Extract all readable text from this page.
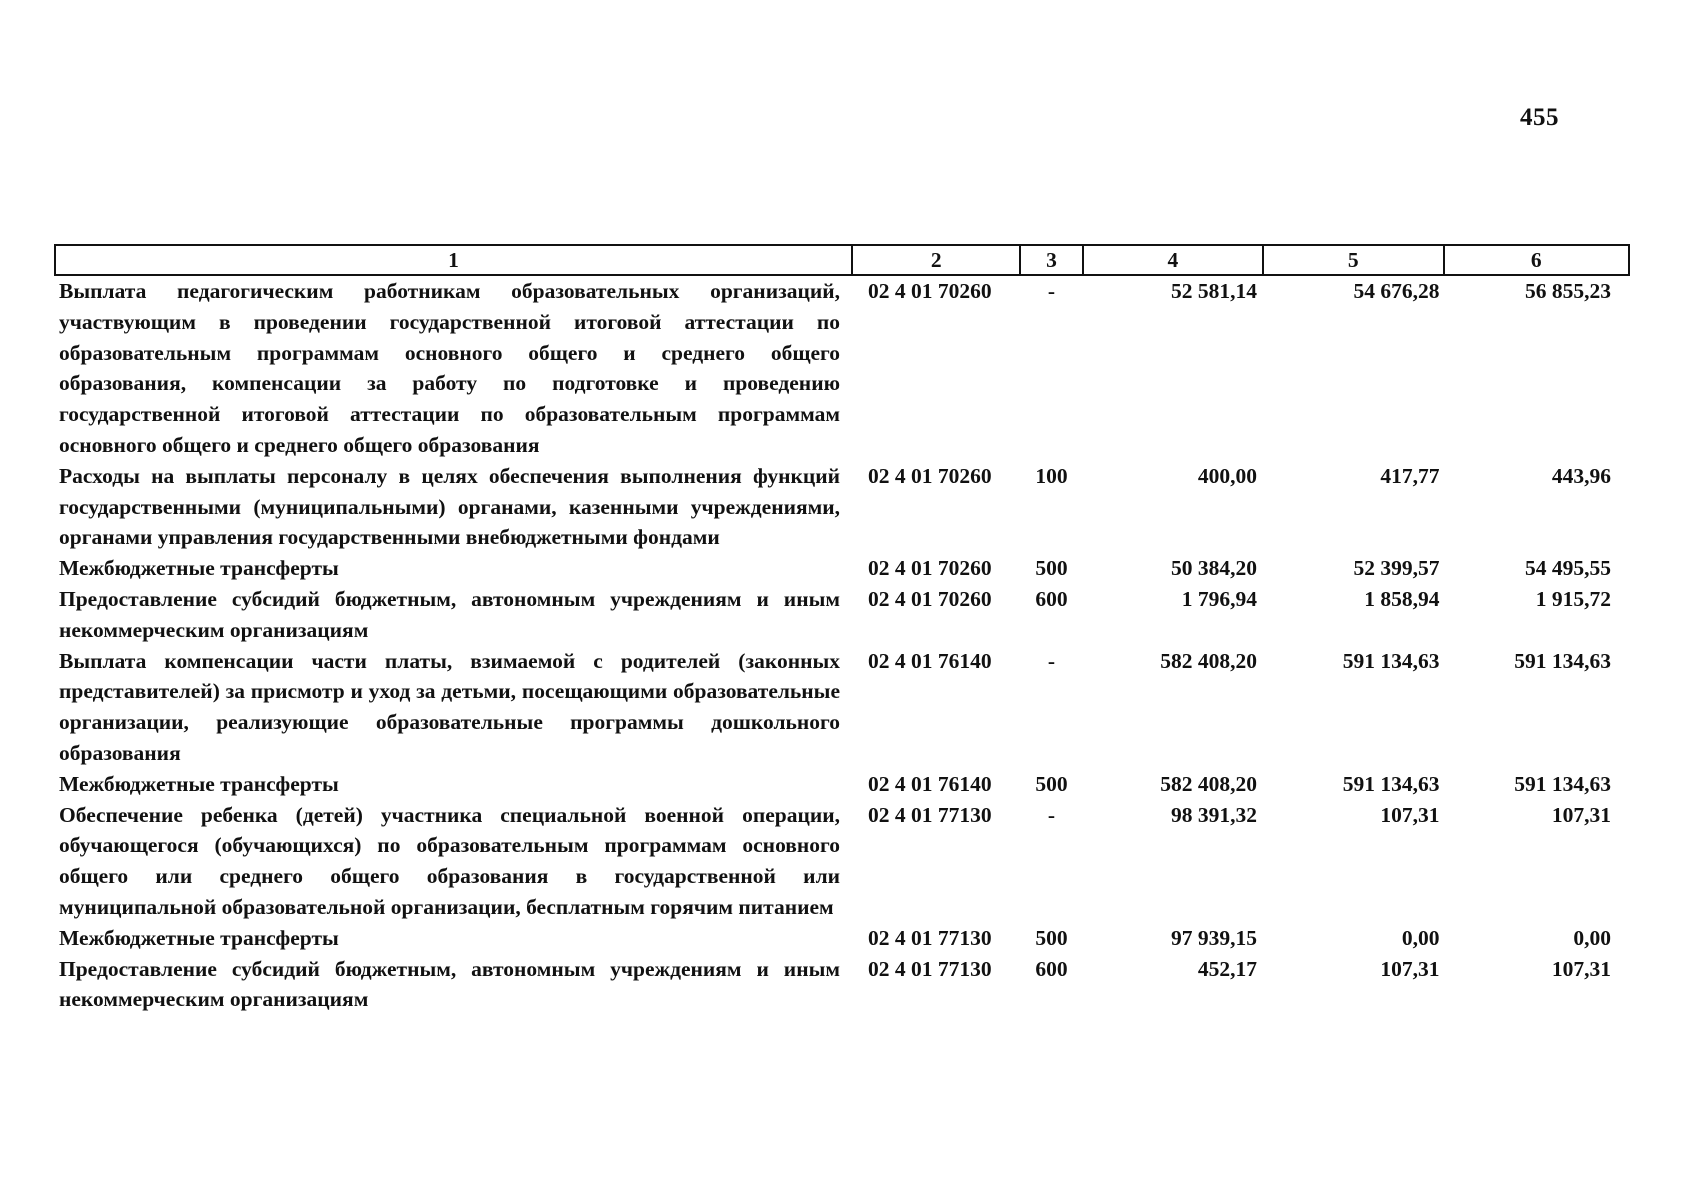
455
1	2	3	4	5	6
Выплата педагогическим работникам образовательных организаций, участвующим в проведении государственной итоговой аттестации по образовательным программам основного общего и среднего общего образования, компенсации за работу по подготовке и проведению государственной итоговой аттестации по образовательным программам основного общего и среднего общего образования	02 4 01 70260	-	52 581,14	54 676,28	56 855,23
Расходы на выплаты персоналу в целях обеспечения выполнения функций государственными (муниципальными) органами, казенными учреждениями, органами управления государственными внебюджетными фондами	02 4 01 70260	100	400,00	417,77	443,96
Межбюджетные трансферты	02 4 01 70260	500	50 384,20	52 399,57	54 495,55
Предоставление субсидий бюджетным, автономным учреждениям и иным некоммерческим организациям	02 4 01 70260	600	1 796,94	1 858,94	1 915,72
Выплата компенсации части платы, взимаемой с родителей (законных представителей) за присмотр и уход за детьми, посещающими образовательные организации, реализующие образовательные программы дошкольного образования	02 4 01 76140	-	582 408,20	591 134,63	591 134,63
Межбюджетные трансферты	02 4 01 76140	500	582 408,20	591 134,63	591 134,63
Обеспечение ребенка (детей) участника специальной военной операции, обучающегося (обучающихся) по образовательным программам основного общего или среднего общего образования в государственной или муниципальной образовательной организации, бесплатным горячим питанием	02 4 01 77130	-	98 391,32	107,31	107,31
Межбюджетные трансферты	02 4 01 77130	500	97 939,15	0,00	0,00
Предоставление субсидий бюджетным, автономным учреждениям и иным некоммерческим организациям	02 4 01 77130	600	452,17	107,31	107,31
